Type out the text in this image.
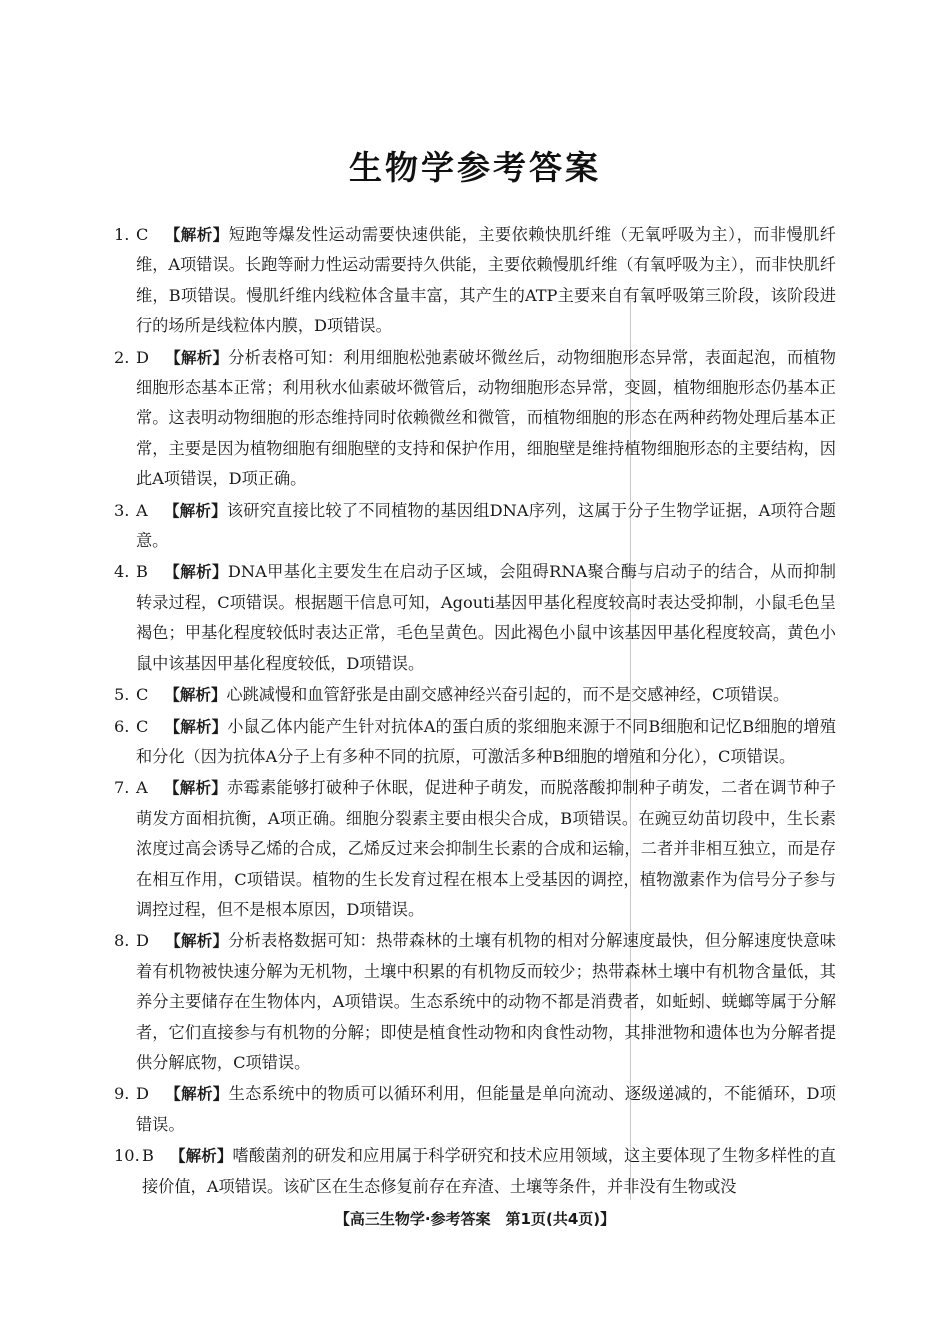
生物学参考答案
1. C 【解析】短跑等爆发性运动需要快速供能，主要依赖快肌纤维（无氧呼吸为主），而非慢肌纤维，A项错误。长跑等耐力性运动需要持久供能，主要依赖慢肌纤维（有氧呼吸为主），而非快肌纤维，B项错误。慢肌纤维内线粒体含量丰富，其产生的ATP主要来自有氧呼吸第三阶段，该阶段进行的场所是线粒体内膜，D项错误。
2. D 【解析】分析表格可知：利用细胞松弛素破坏微丝后，动物细胞形态异常，表面起泡，而植物细胞形态基本正常；利用秋水仙素破坏微管后，动物细胞形态异常，变圆，植物细胞形态仍基本正常。这表明动物细胞的形态维持同时依赖微丝和微管，而植物细胞的形态在两种药物处理后基本正常，主要是因为植物细胞有细胞壁的支持和保护作用，细胞壁是维持植物细胞形态的主要结构，因此A项错误，D项正确。
3. A 【解析】该研究直接比较了不同植物的基因组DNA序列，这属于分子生物学证据，A项符合题意。
4. B 【解析】DNA甲基化主要发生在启动子区域，会阻碍RNA聚合酶与启动子的结合，从而抑制转录过程，C项错误。根据题干信息可知，Agouti基因甲基化程度较高时表达受抑制，小鼠毛色呈褐色；甲基化程度较低时表达正常，毛色呈黄色。因此褐色小鼠中该基因甲基化程度较高，黄色小鼠中该基因甲基化程度较低，D项错误。
5. C 【解析】心跳减慢和血管舒张是由副交感神经兴奋引起的，而不是交感神经，C项错误。
6. C 【解析】小鼠乙体内能产生针对抗体A的蛋白质的浆细胞来源于不同B细胞和记忆B细胞的增殖和分化（因为抗体A分子上有多种不同的抗原，可激活多种B细胞的增殖和分化），C项错误。
7. A 【解析】赤霉素能够打破种子休眠，促进种子萌发，而脱落酸抑制种子萌发，二者在调节种子萌发方面相抗衡，A项正确。细胞分裂素主要由根尖合成，B项错误。在豌豆幼苗切段中，生长素浓度过高会诱导乙烯的合成，乙烯反过来会抑制生长素的合成和运输，二者并非相互独立，而是存在相互作用，C项错误。植物的生长发育过程在根本上受基因的调控，植物激素作为信号分子参与调控过程，但不是根本原因，D项错误。
8. D 【解析】分析表格数据可知：热带森林的土壤有机物的相对分解速度最快，但分解速度快意味着有机物被快速分解为无机物，土壤中积累的有机物反而较少；热带森林土壤中有机物含量低，其养分主要储存在生物体内，A项错误。生态系统中的动物不都是消费者，如蚯蚓、蜣螂等属于分解者，它们直接参与有机物的分解；即使是植食性动物和肉食性动物，其排泄物和遗体也为分解者提供分解底物，C项错误。
9. D 【解析】生态系统中的物质可以循环利用，但能量是单向流动、逐级递减的，不能循环，D项错误。
10. B 【解析】嗜酸菌剂的研发和应用属于科学研究和技术应用领域，这主要体现了生物多样性的直接价值，A项错误。该矿区在生态修复前存在弃渣、土壤等条件，并非没有生物或没
【高三生物学·参考答案　第1页(共4页)】
